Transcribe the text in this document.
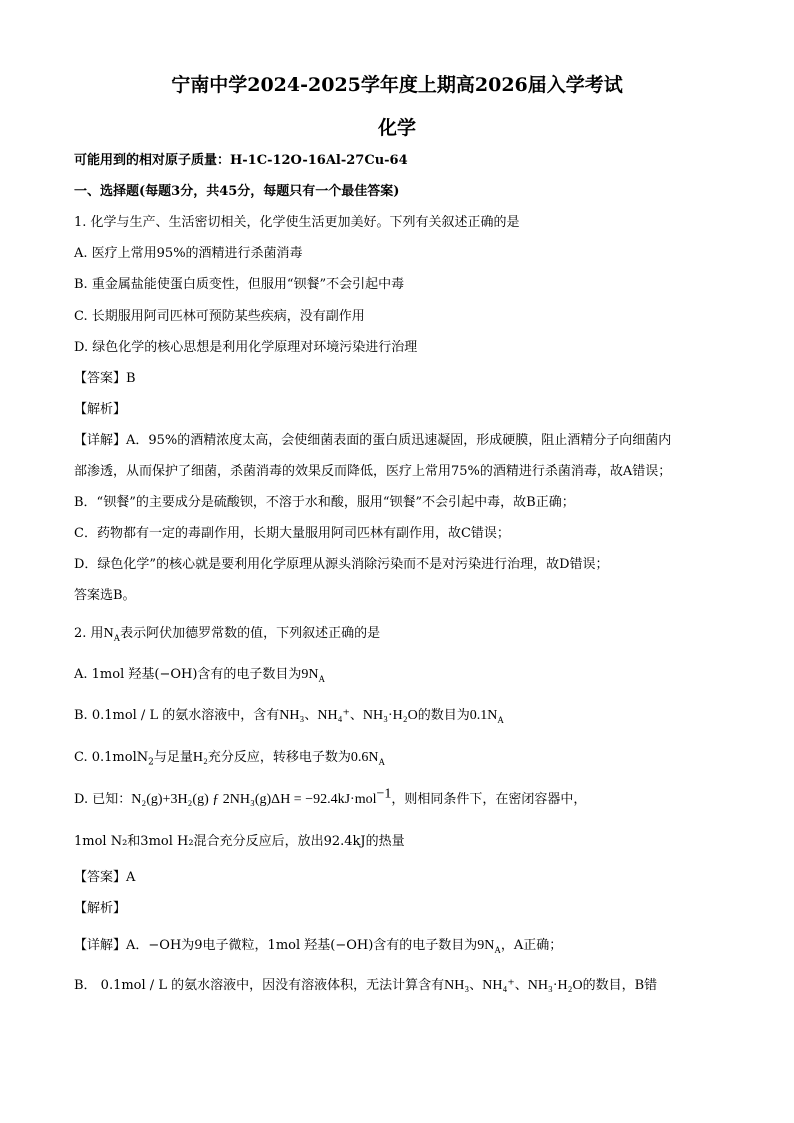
宁南中学2024-2025学年度上期高2026届入学考试
化学
可能用到的相对原子质量：H-1C-12O-16Al-27Cu-64
一、选择题(每题3分，共45分，每题只有一个最佳答案)
1. 化学与生产、生活密切相关，化学使生活更加美好。下列有关叙述正确的是
A. 医疗上常用95%的酒精进行杀菌消毒
B. 重金属盐能使蛋白质变性，但服用“钡餐”不会引起中毒
C. 长期服用阿司匹林可预防某些疾病，没有副作用
D. 绿色化学的核心思想是利用化学原理对环境污染进行治理
【答案】B
【解析】
【详解】A．95%的酒精浓度太高，会使细菌表面的蛋白质迅速凝固，形成硬膜，阻止酒精分子向细菌内
部渗透，从而保护了细菌，杀菌消毒的效果反而降低，医疗上常用75%的酒精进行杀菌消毒，故A错误；
B．“钡餐”的主要成分是硫酸钡，不溶于水和酸，服用“钡餐”不会引起中毒，故B正确；
C．药物都有一定的毒副作用，长期大量服用阿司匹林有副作用，故C错误；
D．绿色化学”的核心就是要利用化学原理从源头消除污染而不是对污染进行治理，故D错误；
答案选B。
2. 用$N_A$表示阿伏加德罗常数的值，下列叙述正确的是
A. 1mol 羟基(−OH)含有的电子数目为$9N_A$
B. 0.1mol / L 的氨水溶液中，含有NH₃、NH₄⁺、NH₃·H₂O的数目为$0.1N_A$
C. 0.1molN$_2$与足量H₂充分反应，转移电子数为$0.6N_A$
D. 已知：N₂(g)+3H₂(g) ƒ 2NH₃(g)ΔH = −92.4kJ·mol$^{-1}$，则相同条件下，在密闭容器中，
1mol N₂和3mol H₂混合充分反应后，放出92.4kJ的热量
【答案】A
【解析】
【详解】A．−OH为9电子微粒，1mol 羟基(−OH)含有的电子数目为$9N_A$，A正确；
B． 0.1mol / L 的氨水溶液中，因没有溶液体积，无法计算含有NH₃、NH₄⁺、NH₃·H₂O的数目，B错
